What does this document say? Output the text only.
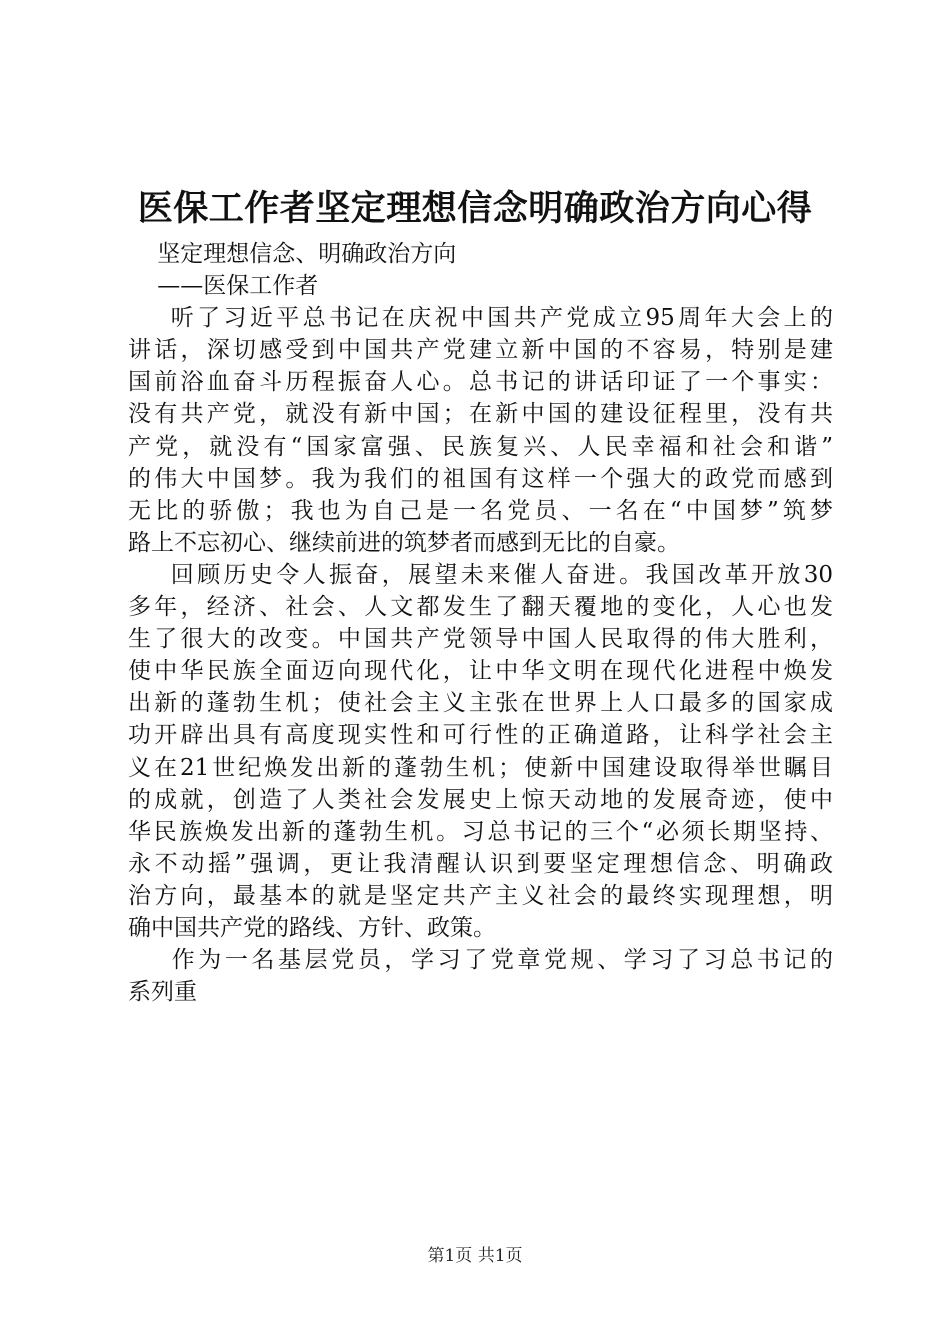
医保工作者坚定理想信念明确政治方向心得
坚定理想信念、明确政治方向
——医保工作者
听了习近平总书记在庆祝中国共产党成立95周年大会上的
讲话，深切感受到中国共产党建立新中国的不容易，特别是建
国前浴血奋斗历程振奋人心。总书记的讲话印证了一个事实：
没有共产党，就没有新中国；在新中国的建设征程里，没有共
产党，就没有“国家富强、民族复兴、人民幸福和社会和谐”
的伟大中国梦。我为我们的祖国有这样一个强大的政党而感到
无比的骄傲；我也为自己是一名党员、一名在“中国梦”筑梦
路上不忘初心、继续前进的筑梦者而感到无比的自豪。
回顾历史令人振奋，展望未来催人奋进。我国改革开放30
多年，经济、社会、人文都发生了翻天覆地的变化，人心也发
生了很大的改变。中国共产党领导中国人民取得的伟大胜利，
使中华民族全面迈向现代化，让中华文明在现代化进程中焕发
出新的蓬勃生机；使社会主义主张在世界上人口最多的国家成
功开辟出具有高度现实性和可行性的正确道路，让科学社会主
义在21世纪焕发出新的蓬勃生机；使新中国建设取得举世瞩目
的成就，创造了人类社会发展史上惊天动地的发展奇迹，使中
华民族焕发出新的蓬勃生机。习总书记的三个“必须长期坚持、
永不动摇”强调，更让我清醒认识到要坚定理想信念、明确政
治方向，最基本的就是坚定共产主义社会的最终实现理想，明
确中国共产党的路线、方针、政策。
作为一名基层党员，学习了党章党规、学习了习总书记的
系列重
第1页 共1页
